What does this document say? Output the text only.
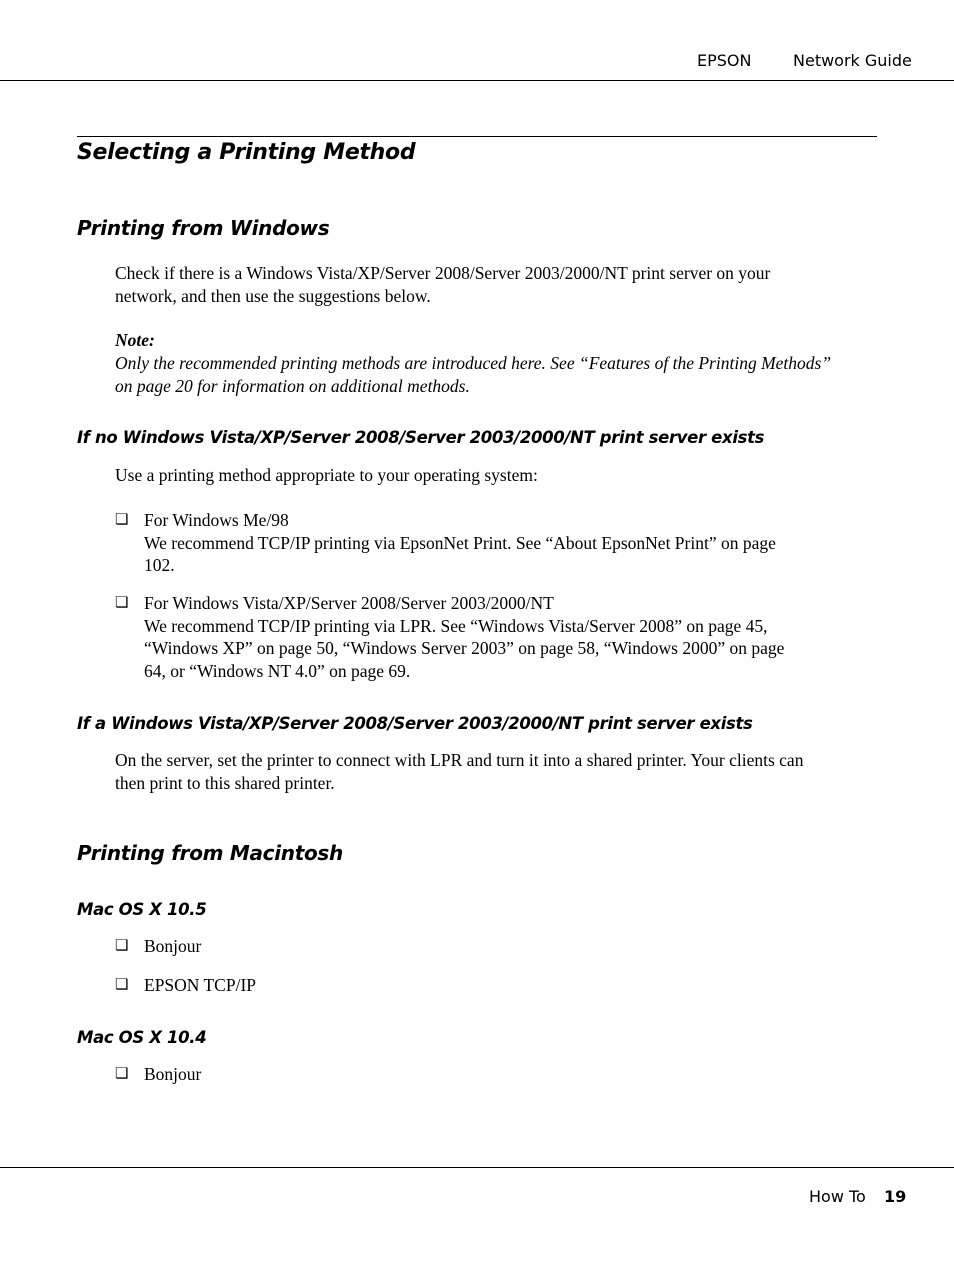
EPSON	Network Guide
Selecting a Printing Method
Printing from Windows
Check if there is a Windows Vista/XP/Server 2008/Server 2003/2000/NT print server on your
network, and then use the suggestions below.
Note:
Only the recommended printing methods are introduced here. See “Features of the Printing Methods”
on page 20 for information on additional methods.
If no Windows Vista/XP/Server 2008/Server 2003/2000/NT print server exists
Use a printing method appropriate to your operating system:
❏ For Windows Me/98
We recommend TCP/IP printing via EpsonNet Print. See “About EpsonNet Print” on page
102.
❏ For Windows Vista/XP/Server 2008/Server 2003/2000/NT
We recommend TCP/IP printing via LPR. See “Windows Vista/Server 2008” on page 45,
“Windows XP” on page 50, “Windows Server 2003” on page 58, “Windows 2000” on page
64, or “Windows NT 4.0” on page 69.
If a Windows Vista/XP/Server 2008/Server 2003/2000/NT print server exists
On the server, set the printer to connect with LPR and turn it into a shared printer. Your clients can
then print to this shared printer.
Printing from Macintosh
Mac OS X 10.5
❏ Bonjour
❏ EPSON TCP/IP
Mac OS X 10.4
❏ Bonjour
How To 19
